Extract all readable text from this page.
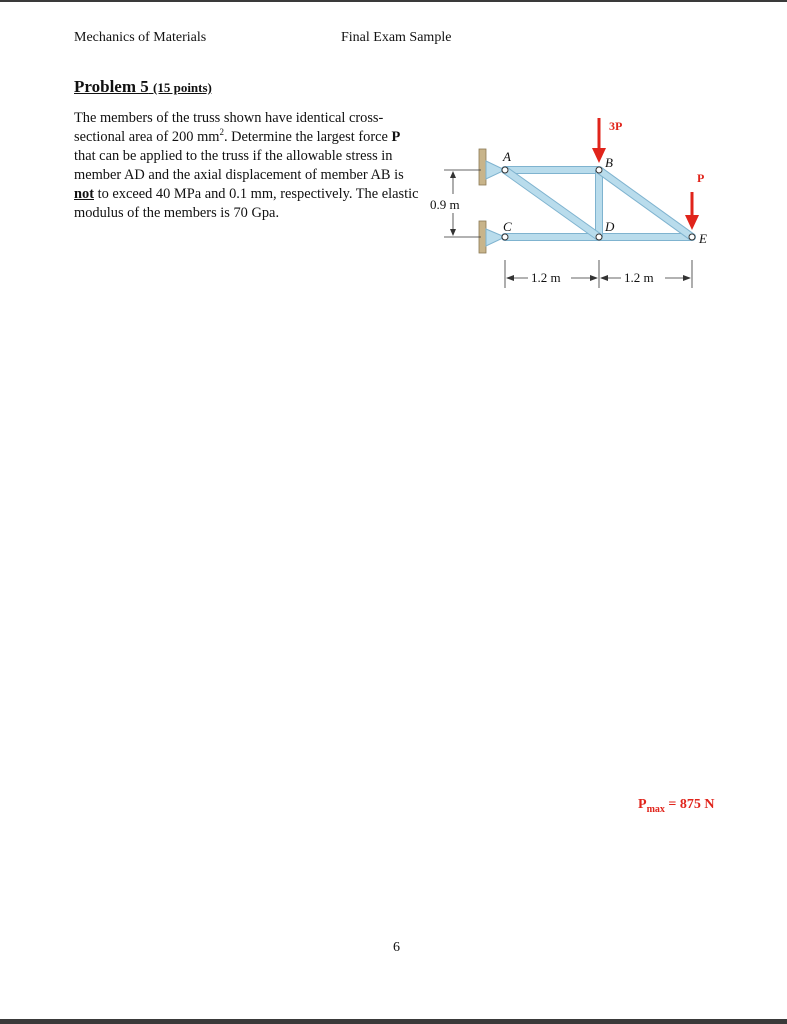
Mechanics of Materials	Final Exam Sample
Problem 5 (15 points)
The members of the truss shown have identical cross-sectional area of 200 $mm^2$. Determine the largest force P that can be applied to the truss if the allowable stress in member AD and the axial displacement of member AB is not to exceed 40 MPa and 0.1 mm, respectively. The elastic modulus of the members is 70 Gpa.
A	B
C	D
E
3P
P
0.9 m
1.2 m	1.2 m
$P_{max} = 875$ N
6
